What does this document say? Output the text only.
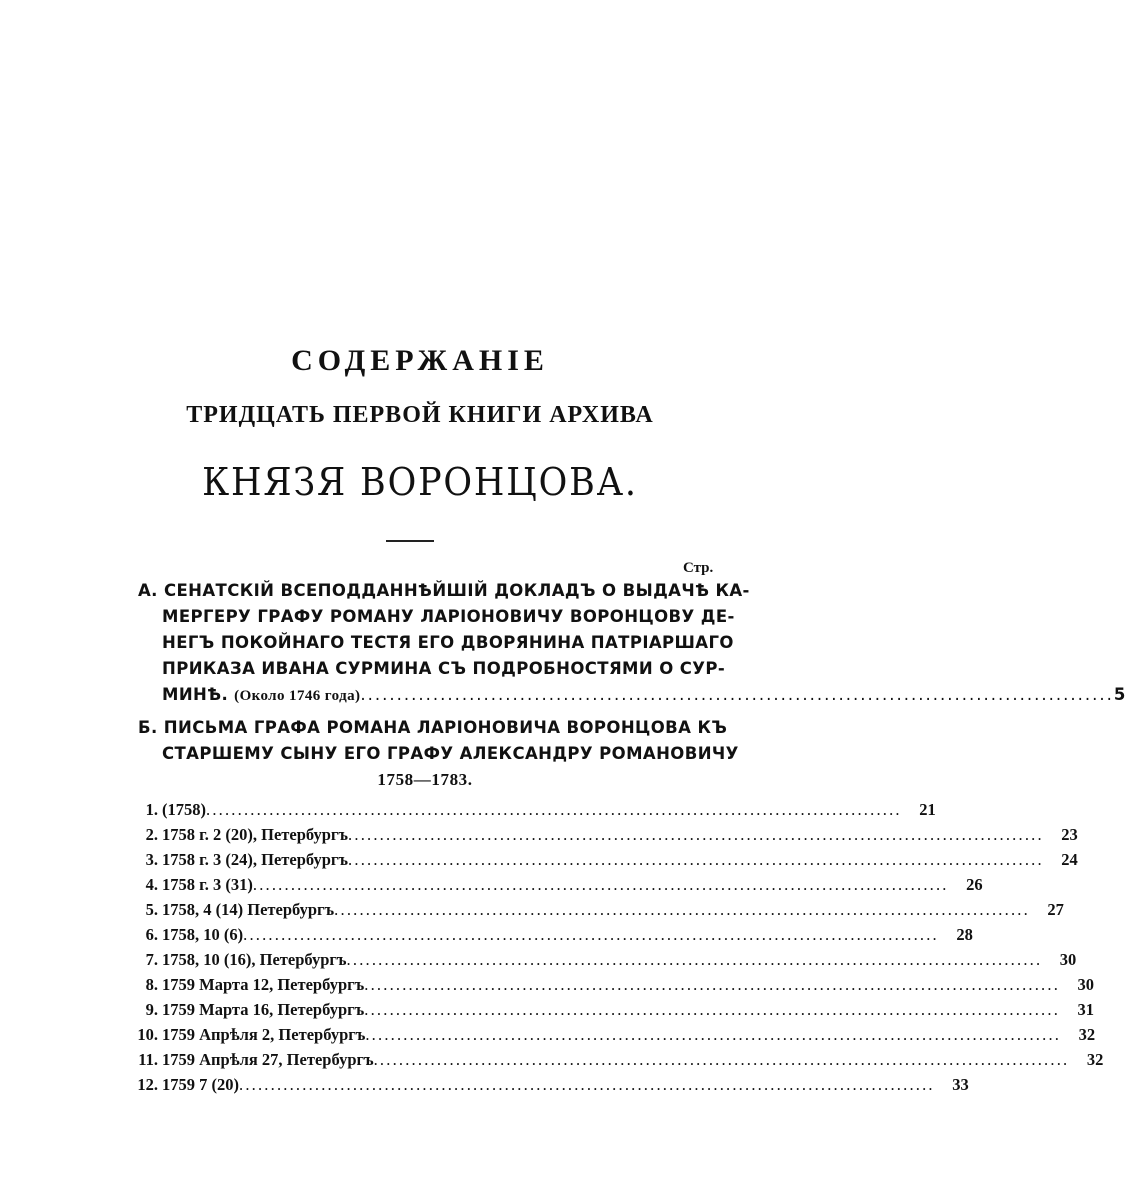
СОДЕРЖАНІЕ
ТРИДЦАТЬ ПЕРВОЙ КНИГИ АРХИВА
КНЯЗЯ ВОРОНЦОВА.
Стр.
А. СЕНАТСКІЙ ВСЕПОДДАННѢЙШІЙ ДОКЛАДЪ О ВЫДАЧѢ КА-
МЕРГЕРУ ГРАФУ РОМАНУ ЛАРІОНОВИЧУ ВОРОНЦОВУ ДЕ-
НЕГЪ ПОКОЙНАГО ТЕСТЯ ЕГО ДВОРЯНИНА ПАТРІАРШАГО
ПРИКАЗА ИВАНА СУРМИНА СЪ ПОДРОБНОСТЯМИ О СУР-
МИНѢ. (Около 1746 года) ........................................................................................................ 5
Б. ПИСЬМА ГРАФА РОМАНА ЛАРІОНОВИЧА ВОРОНЦОВА КЪ
СТАРШЕМУ СЫНУ ЕГО ГРАФУ АЛЕКСАНДРУ РОМАНОВИЧУ
1758—1783.
1. (1758) ..............................................................................................................	21
2. 1758 г. 2 (20), Петербургъ ..............................................................................................................	23
3. 1758 г. 3 (24), Петербургъ ..............................................................................................................	24
4. 1758 г. 3 (31) ..............................................................................................................	26
5. 1758, 4 (14) Петербургъ ..............................................................................................................	27
6. 1758, 10 (6) ..............................................................................................................	28
7. 1758, 10 (16), Петербургъ ..............................................................................................................	30
8. 1759 Марта 12, Петербургъ ..............................................................................................................	30
9. 1759 Марта 16, Петербургъ ..............................................................................................................	31
10. 1759 Апрѣля 2, Петербургъ ..............................................................................................................	32
11. 1759 Апрѣля 27, Петербургъ ..............................................................................................................	32
12. 1759 7 (20) ..............................................................................................................	33
